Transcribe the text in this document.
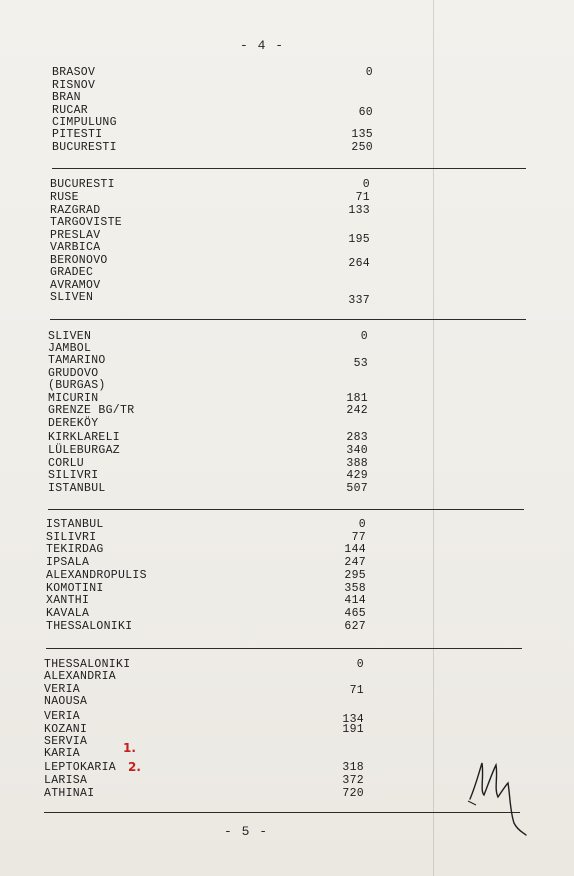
- 4 -
BRASOV	0
RISNOV
BRAN
RUCAR	60
CIMPULUNG
PITESTI	135
BUCURESTI	250
BUCURESTI	0
RUSE	71
RAZGRAD	133
TARGOVISTE
PRESLAV	195
VARBICA
BERONOVO	264
GRADEC
AVRAMOV
SLIVEN	337
SLIVEN	0
JAMBOL
TAMARINO	53
GRUDOVO
(BURGAS)
MICURIN	181
GRENZE BG/TR	242
DEREKÖY
KIRKLARELI	283
LÜLEBURGAZ	340
CORLU	388
SILIVRI	429
ISTANBUL	507
ISTANBUL	0
SILIVRI	77
TEKIRDAG	144
IPSALA	247
ALEXANDROPULIS	295
KOMOTINI	358
XANTHI	414
KAVALA	465
THESSALONIKI	627
THESSALONIKI	0
ALEXANDRIA
VERIA	71
NAOUSA
VERIA	134
KOZANI	191
SERVIA
KARIA
LEPTOKARIA	318
LARISA	372
ATHINAI	720
1.
2.
- 5 -
